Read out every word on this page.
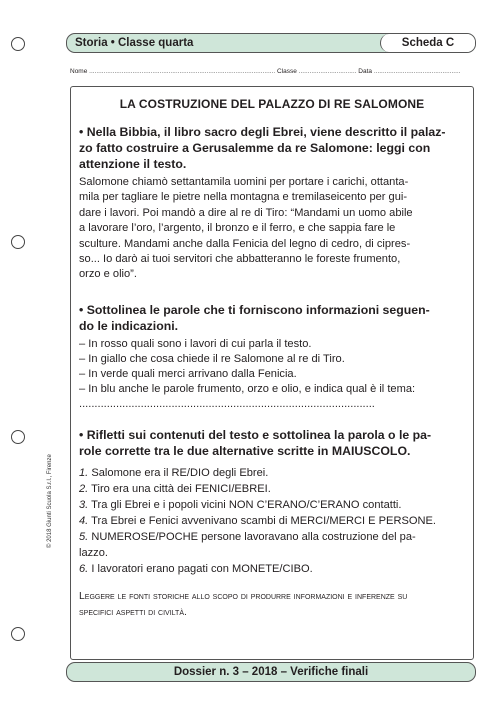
Storia • Classe quarta	Scheda C
Nome ....................................................................................................... Classe ................................ Data ................................................
LA COSTRUZIONE DEL PALAZZO DI RE SALOMONE
• Nella Bibbia, il libro sacro degli Ebrei, viene descritto il palaz-
zo fatto costruire a Gerusalemme da re Salomone: leggi con
attenzione il testo.
Salomone chiamò settantamila uomini per portare i carichi, ottanta-
mila per tagliare le pietre nella montagna e tremilaseicento per gui-
dare i lavori. Poi mandò a dire al re di Tiro: “Mandami un uomo abile
a lavorare l’oro, l’argento, il bronzo e il ferro, e che sappia fare le
sculture. Mandami anche dalla Fenicia del legno di cedro, di cipres-
so... Io darò ai tuoi servitori che abbatteranno le foreste frumento,
orzo e olio”.
• Sottolinea le parole che ti forniscono informazioni seguen-
do le indicazioni.
– In rosso quali sono i lavori di cui parla il testo.
– In giallo che cosa chiede il re Salomone al re di Tiro.
– In verde quali merci arrivano dalla Fenicia.
– In blu anche le parole frumento, orzo e olio, e indica qual è il tema:
................................................................................................
• Rifletti sui contenuti del testo e sottolinea la parola o le pa-
role corrette tra le due alternative scritte in MAIUSCOLO.
1. Salomone era il RE/DIO degli Ebrei.
2. Tiro era una città dei FENICI/EBREI.
3. Tra gli Ebrei e i popoli vicini NON C’ERANO/C’ERANO contatti.
4. Tra Ebrei e Fenici avvenivano scambi di MERCI/MERCI E PERSONE.
5. NUMEROSE/POCHE persone lavoravano alla costruzione del pa-
lazzo.
6. I lavoratori erano pagati con MONETE/CIBO.
Leggere le fonti storiche allo scopo di produrre informazioni e inferenze su
specifici aspetti di civiltà.
© 2018 Giunti Scuola S.r.l., Firenze
Dossier n. 3 – 2018 – Verifiche finali
